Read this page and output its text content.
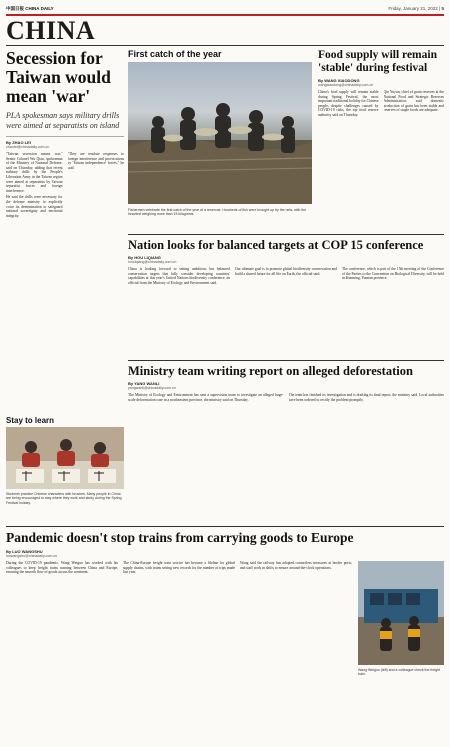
中国日报 CHINA DAILY	Friday, January 21, 2022 | 5
CHINA
Secession for Taiwan would mean 'war'

PLA spokesman says military drills were aimed at separatists on island

By ZHAO LEI
zhaolei@chinadaily.com.cn

"Taiwan secession means war," Senior Colonel Wu Qian, spokesman of the Ministry of National Defense, said on Thursday, adding that recent military drills by the People's Liberation Army in the Taiwan region were aimed at separatists by Taiwan separatist forces and foreign interference.

He said the drills were necessary for the defense ministry to explicitly voice its determination to safeguard national sovereignty and territorial integrity.

"They are resolute responses to foreign interference and provocations by 'Taiwan independence' forces," he said.

First catch of the year
Fishermen celebrate the first catch of the year at a reservoir. Hundreds of fish were brought up by the nets, with the heaviest weighing more than 15 kilograms.
Food supply will remain 'stable' during festival
By WANG XIAODONG
wangxiaodong@chinadaily.com.cn

China's food supply will remain stable during Spring Festival, the most important traditional holiday for Chinese people, despite challenges caused by COVID-19 risks, the top food reserve authority said on Thursday.

Qin Yuyun, chief of grain reserves at the National Food and Strategic Reserves Administration, said domestic production of grain has been stable and reserves of staple foods are adequate.

Nation looks for balanced targets at COP 15 conference
By HOU LIQIANG
houliqiang@chinadaily.com.cn

China is looking forward to setting ambitious but balanced conservation targets that fully consider developing countries' capabilities at this year's United Nations biodiversity conference, an official from the Ministry of Ecology and Environment said.

Our ultimate goal is to promote global biodiversity conservation and build a shared future for all life on Earth, the official said.

The conference, which is part of the 15th meeting of the Conference of the Parties to the Convention on Biological Diversity, will be held in Kunming, Yunnan province.

Stay to learn
Students practice Chinese characters with brushes. Many people in China are being encouraged to stay where they work and study during the Spring Festival holiday.
Ministry team writing report on alleged deforestation
By YANG WANLI
yangwanli@chinadaily.com.cn

The Ministry of Ecology and Environment has sent a supervision team to investigate an alleged large-scale deforestation case in a northeastern province, the ministry said on Thursday.

The team has finished its investigation and is drafting its final report, the ministry said. Local authorities have been ordered to rectify the problem promptly.

Pandemic doesn't stop trains from carrying goods to Europe
By LUO WANGSHU
luowangshu@chinadaily.com.cn

During the COVID-19 pandemic, Wang Weiguo has worked with his colleagues to keep freight trains running between China and Europe, ensuring the smooth flow of goods across the continent.

The China-Europe freight train service has become a lifeline for global supply chains, with trains setting new records for the number of trips made last year.

Wang said the railway has adopted contactless measures at border ports, and staff work in shifts to ensure around-the-clock operations.

Wang Weiguo (left) and a colleague check the freight train.
